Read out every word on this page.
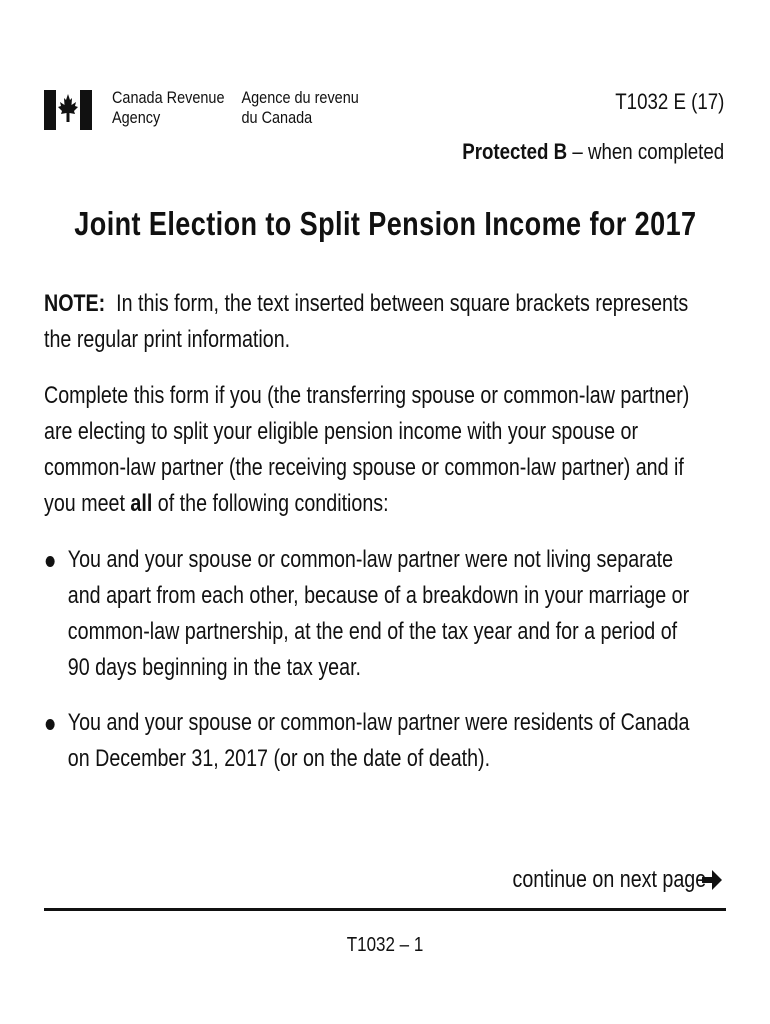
Canada Revenue
Agency
Agence du revenu
du Canada
T1032 E (17)
Protected B – when completed
Joint Election to Split Pension Income for 2017
NOTE: In this form, the text inserted between square brackets represents the regular print information.
Complete this form if you (the transferring spouse or common-law partner) are electing to split your eligible pension income with your spouse or common-law partner (the receiving spouse or common-law partner) and if you meet all of the following conditions:
You and your spouse or common-law partner were not living separate and apart from each other, because of a breakdown in your marriage or common-law partnership, at the end of the tax year and for a period of 90 days beginning in the tax year.
You and your spouse or common-law partner were residents of Canada on December 31, 2017 (or on the date of death).
continue on next page
T1032 – 1
